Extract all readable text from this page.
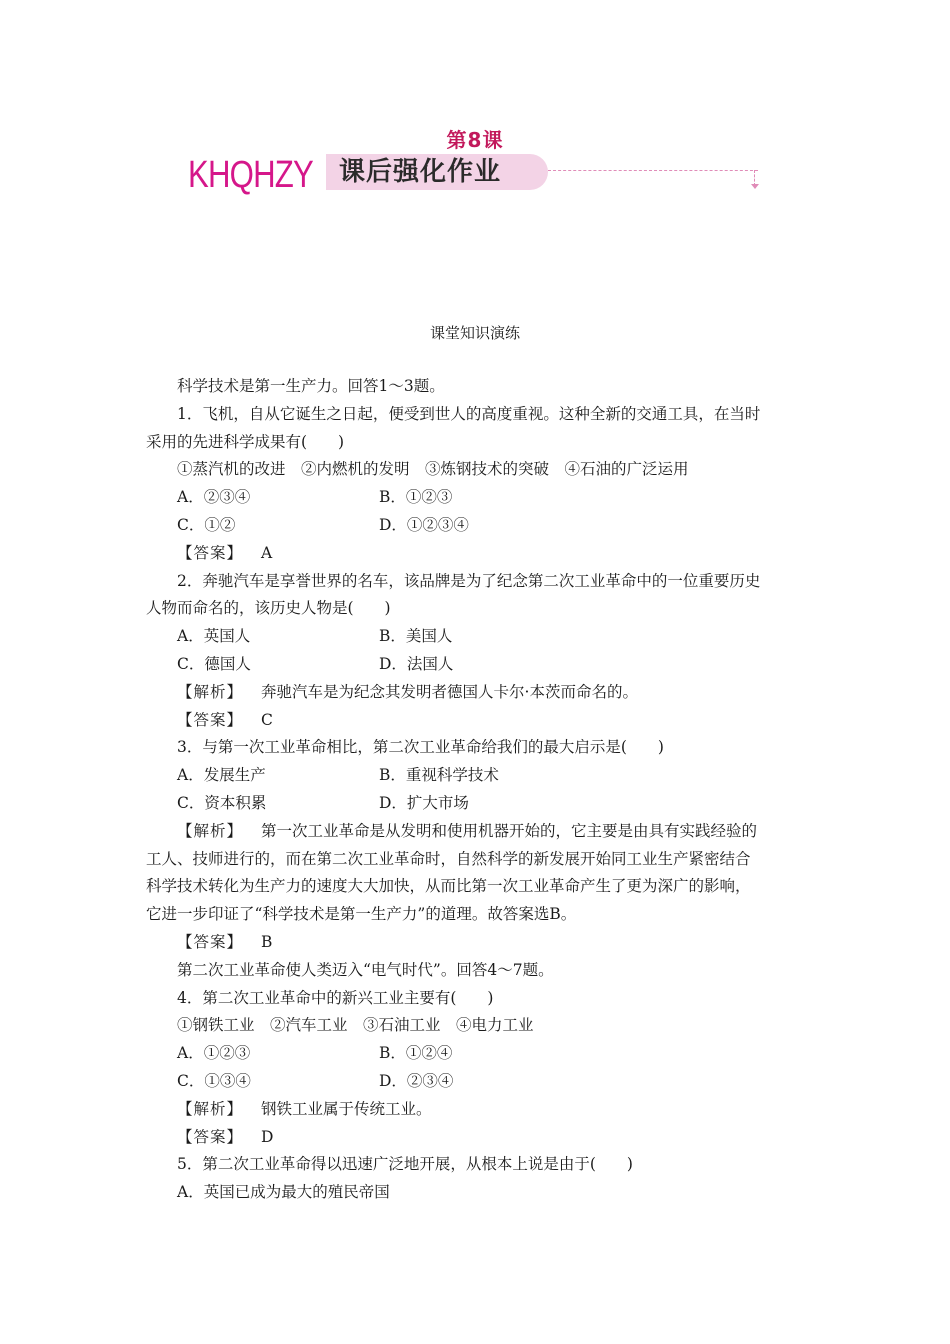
第8课
KHQHZY 课后强化作业
课堂知识演练
科学技术是第一生产力。回答1～3题。
1．飞机，自从它诞生之日起，便受到世人的高度重视。这种全新的交通工具，在当时
采用的先进科学成果有(　　)
①蒸汽机的改进　②内燃机的发明　③炼钢技术的突破　④石油的广泛运用
A．②③④	B．①②③
C．①②	D．①②③④
【答案】 A
2．奔驰汽车是享誉世界的名车，该品牌是为了纪念第二次工业革命中的一位重要历史
人物而命名的，该历史人物是(　　)
A．英国人	B．美国人
C．德国人	D．法国人
【解析】 奔驰汽车是为纪念其发明者德国人卡尔·本茨而命名的。
【答案】 C
3．与第一次工业革命相比，第二次工业革命给我们的最大启示是(　　)
A．发展生产	B．重视科学技术
C．资本积累	D．扩大市场
【解析】 第一次工业革命是从发明和使用机器开始的，它主要是由具有实践经验的
工人、技师进行的，而在第二次工业革命时，自然科学的新发展开始同工业生产紧密结合
科学技术转化为生产力的速度大大加快，从而比第一次工业革命产生了更为深广的影响，
它进一步印证了“科学技术是第一生产力”的道理。故答案选B。
【答案】 B
第二次工业革命使人类迈入“电气时代”。回答4～7题。
4．第二次工业革命中的新兴工业主要有(　　)
①钢铁工业　②汽车工业　③石油工业　④电力工业
A．①②③	B．①②④
C．①③④	D．②③④
【解析】 钢铁工业属于传统工业。
【答案】 D
5．第二次工业革命得以迅速广泛地开展，从根本上说是由于(　　)
A．英国已成为最大的殖民帝国
